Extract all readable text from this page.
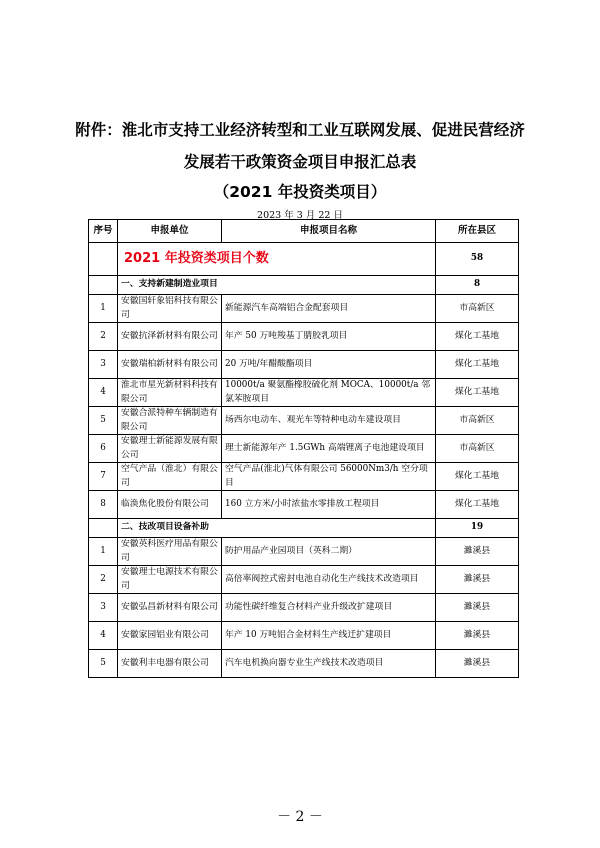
附件：淮北市支持工业经济转型和工业互联网发展、促进民营经济
发展若干政策资金项目申报汇总表
（2021 年投资类项目）
2023 年 3 月 22 日
序号	申报单位	申报项目名称	所在县区
	2021 年投资类项目个数		58
	一、支持新建制造业项目		8
1	安徽国轩象铝科技有限公司	新能源汽车高端铝合金配套项目	市高新区
2	安徽抗泽新材料有限公司	年产 50 万吨羧基丁腈胶乳项目	煤化工基地
3	安徽瑞柏新材料有限公司	20 万吨/年醋酸酯项目	煤化工基地
4	淮北市星光新材料科技有限公司	10000t/a 聚氨酯橡胶硫化剂 MOCA、10000t/a 邻氯苯胺项目	煤化工基地
5	安徽合派特种车辆制造有限公司	场西尔电动车、观光车等特种电动车建设项目	市高新区
6	安徽理士新能源发展有限公司	理士新能源年产 1.5GWh 高端锂离子电池建设项目	市高新区
7	空气产品（淮北）有限公司	空气产品(淮北)气体有限公司 56000Nm3/h 空分项目	煤化工基地
8	临涣焦化股份有限公司	160 立方米/小时浓盐水零排放工程项目	煤化工基地
	二、技改项目设备补助		19
1	安徽英科医疗用品有限公司	防护用品产业园项目（英科二期）	濉溪县
2	安徽理士电源技术有限公司	高倍率阀控式密封电池自动化生产线技术改造项目	濉溪县
3	安徽弘昌新材料有限公司	功能性碳纤维复合材料产业升级改扩建项目	濉溪县
4	安徽家园铝业有限公司	年产 10 万吨铝合金材料生产线迁扩建项目	濉溪县
5	安徽利丰电器有限公司	汽车电机换向器专业生产线技术改造项目	濉溪县
－ 2 －
